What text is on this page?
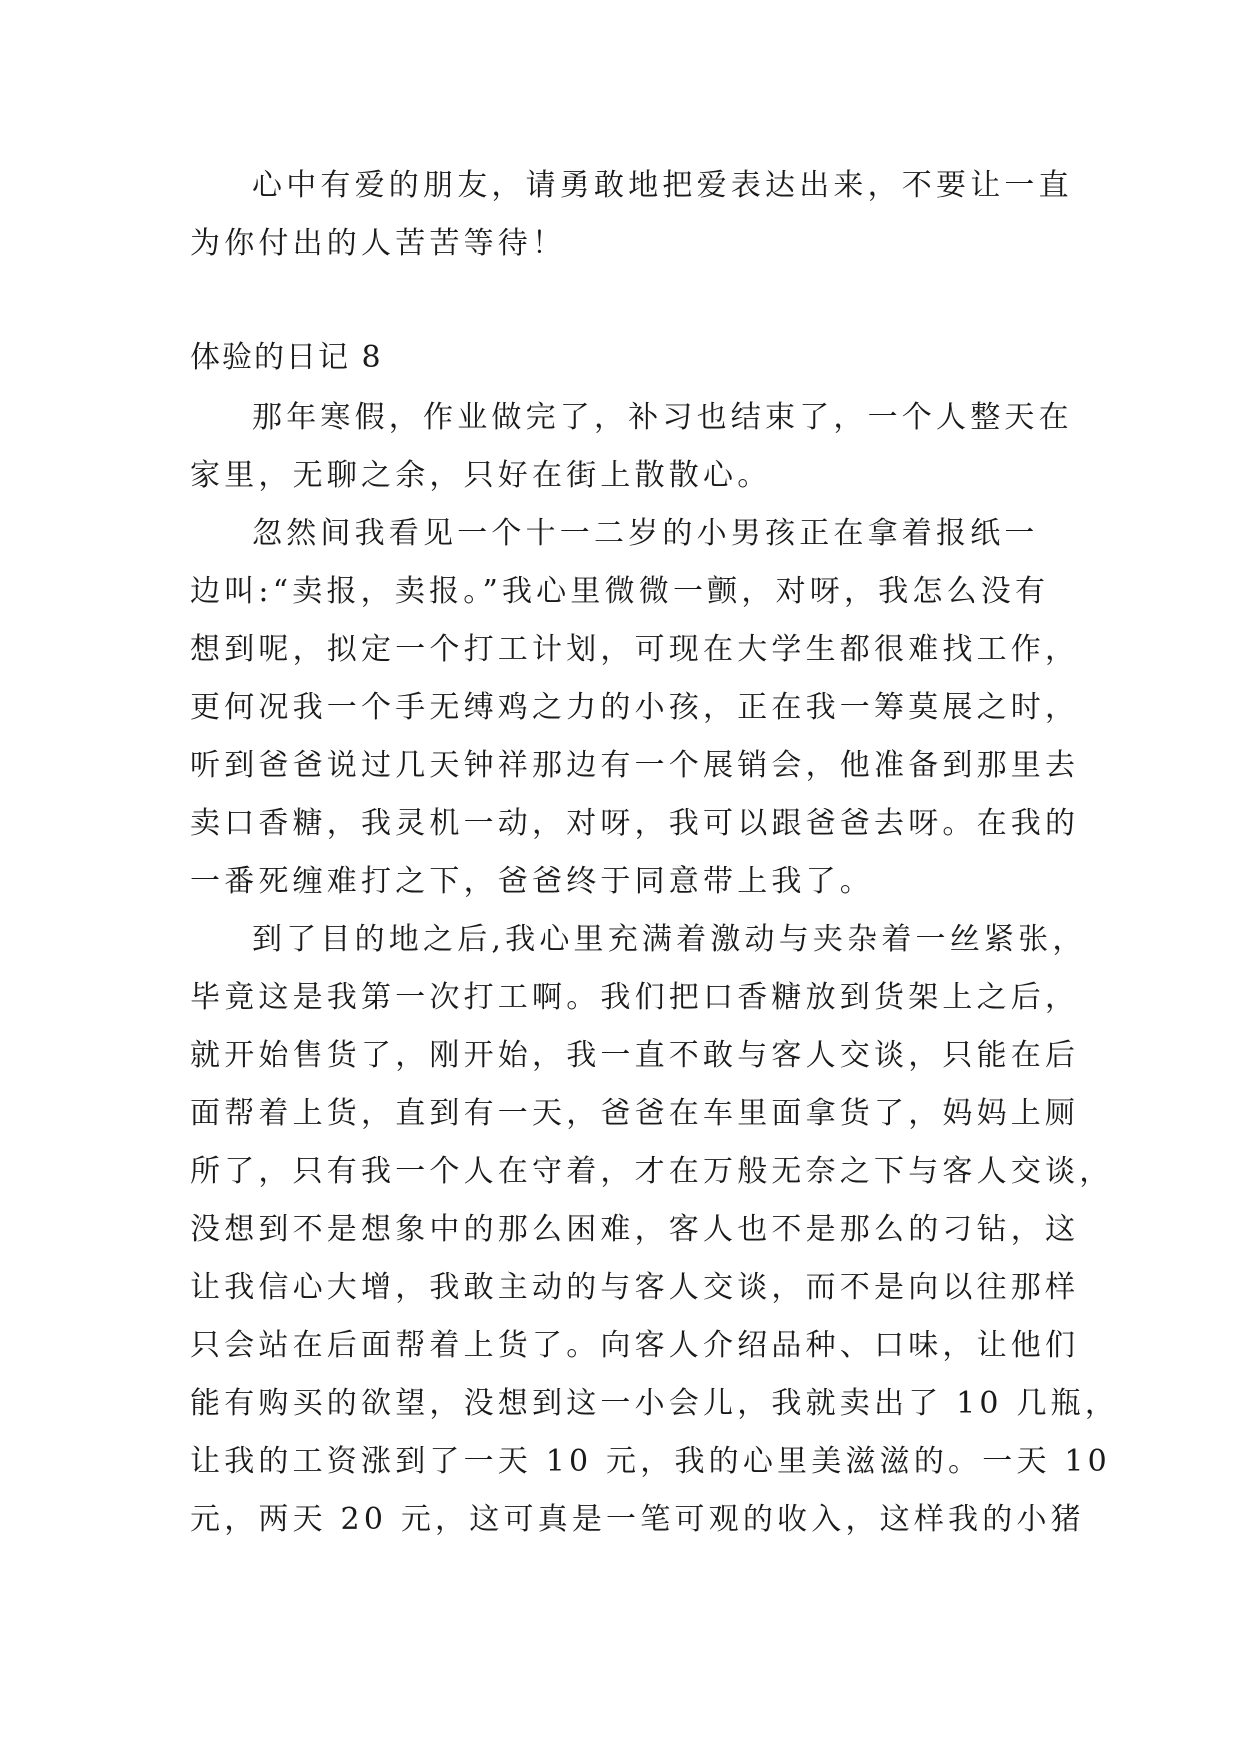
心中有爱的朋友，请勇敢地把爱表达出来，不要让一直
为你付出的人苦苦等待！
体验的日记 8
那年寒假，作业做完了，补习也结束了，一个人整天在
家里，无聊之余，只好在街上散散心。
忽然间我看见一个十一二岁的小男孩正在拿着报纸一
边叫:“卖报，卖报。”我心里微微一颤，对呀，我怎么没有
想到呢，拟定一个打工计划，可现在大学生都很难找工作，
更何况我一个手无缚鸡之力的小孩，正在我一筹莫展之时，
听到爸爸说过几天钟祥那边有一个展销会，他准备到那里去
卖口香糖，我灵机一动，对呀，我可以跟爸爸去呀。在我的
一番死缠难打之下，爸爸终于同意带上我了。
到了目的地之后,我心里充满着激动与夹杂着一丝紧张，
毕竟这是我第一次打工啊。我们把口香糖放到货架上之后，
就开始售货了，刚开始，我一直不敢与客人交谈，只能在后
面帮着上货，直到有一天，爸爸在车里面拿货了，妈妈上厕
所了，只有我一个人在守着，才在万般无奈之下与客人交谈，
没想到不是想象中的那么困难，客人也不是那么的刁钻，这
让我信心大增，我敢主动的与客人交谈，而不是向以往那样
只会站在后面帮着上货了。向客人介绍品种、口味，让他们
能有购买的欲望，没想到这一小会儿，我就卖出了 10 几瓶，
让我的工资涨到了一天 10 元，我的心里美滋滋的。一天 10
元，两天 20 元，这可真是一笔可观的收入，这样我的小猪
